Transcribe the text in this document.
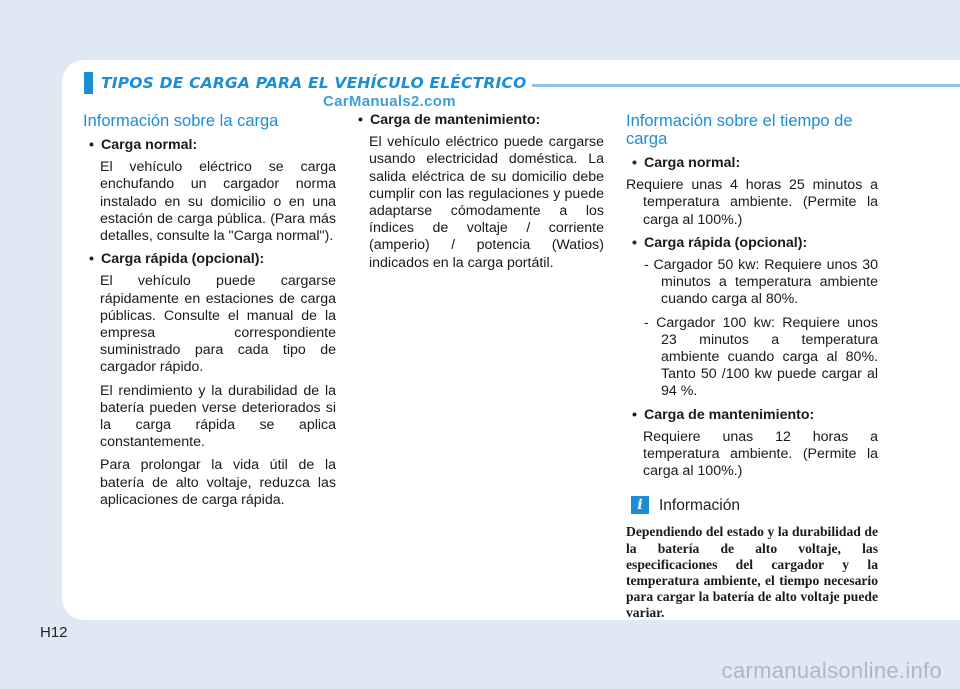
TIPOS DE CARGA PARA EL VEHÍCULO ELÉCTRICO
CarManuals2.com
Información sobre la carga
• Carga normal:

El vehículo eléctrico se carga enchufando un cargador norma instalado en su domicilio o en una estación de carga pública. (Para más detalles, consulte la "Carga normal").

• Carga rápida (opcional):

El vehículo puede cargarse rápidamente en estaciones de carga públicas. Consulte el manual de la empresa correspondiente suministrado para cada tipo de cargador rápido.

El rendimiento y la durabilidad de la batería pueden verse deteriorados si la carga rápida se aplica constantemente.

Para prolongar la vida útil de la batería de alto voltaje, reduzca las aplicaciones de carga rápida.

• Carga de mantenimiento:

El vehículo eléctrico puede cargarse usando electricidad doméstica. La salida eléctrica de su domicilio debe cumplir con las regulaciones y puede adaptarse cómodamente a los índices de voltaje / corriente (amperio) / potencia (Watios) indicados en la carga portátil.

Información sobre el tiempo de carga
• Carga normal:

Requiere unas 4 horas 25 minutos a temperatura ambiente. (Permite la carga al 100%.)

• Carga rápida (opcional):

- Cargador 50 kw: Requiere unos 30 minutos a temperatura ambiente cuando carga al 80%.

- Cargador 100 kw: Requiere unos 23 minutos a temperatura ambiente cuando carga al 80%. Tanto 50 /100 kw puede cargar al 94 %.

• Carga de mantenimiento:

Requiere unas 12 horas a temperatura ambiente. (Permite la carga al 100%.)

i	Información

Dependiendo del estado y la durabilidad de la batería de alto voltaje, las especificaciones del cargador y la temperatura ambiente, el tiempo necesario para cargar la batería de alto voltaje puede variar.

H12
carmanualsonline.info
